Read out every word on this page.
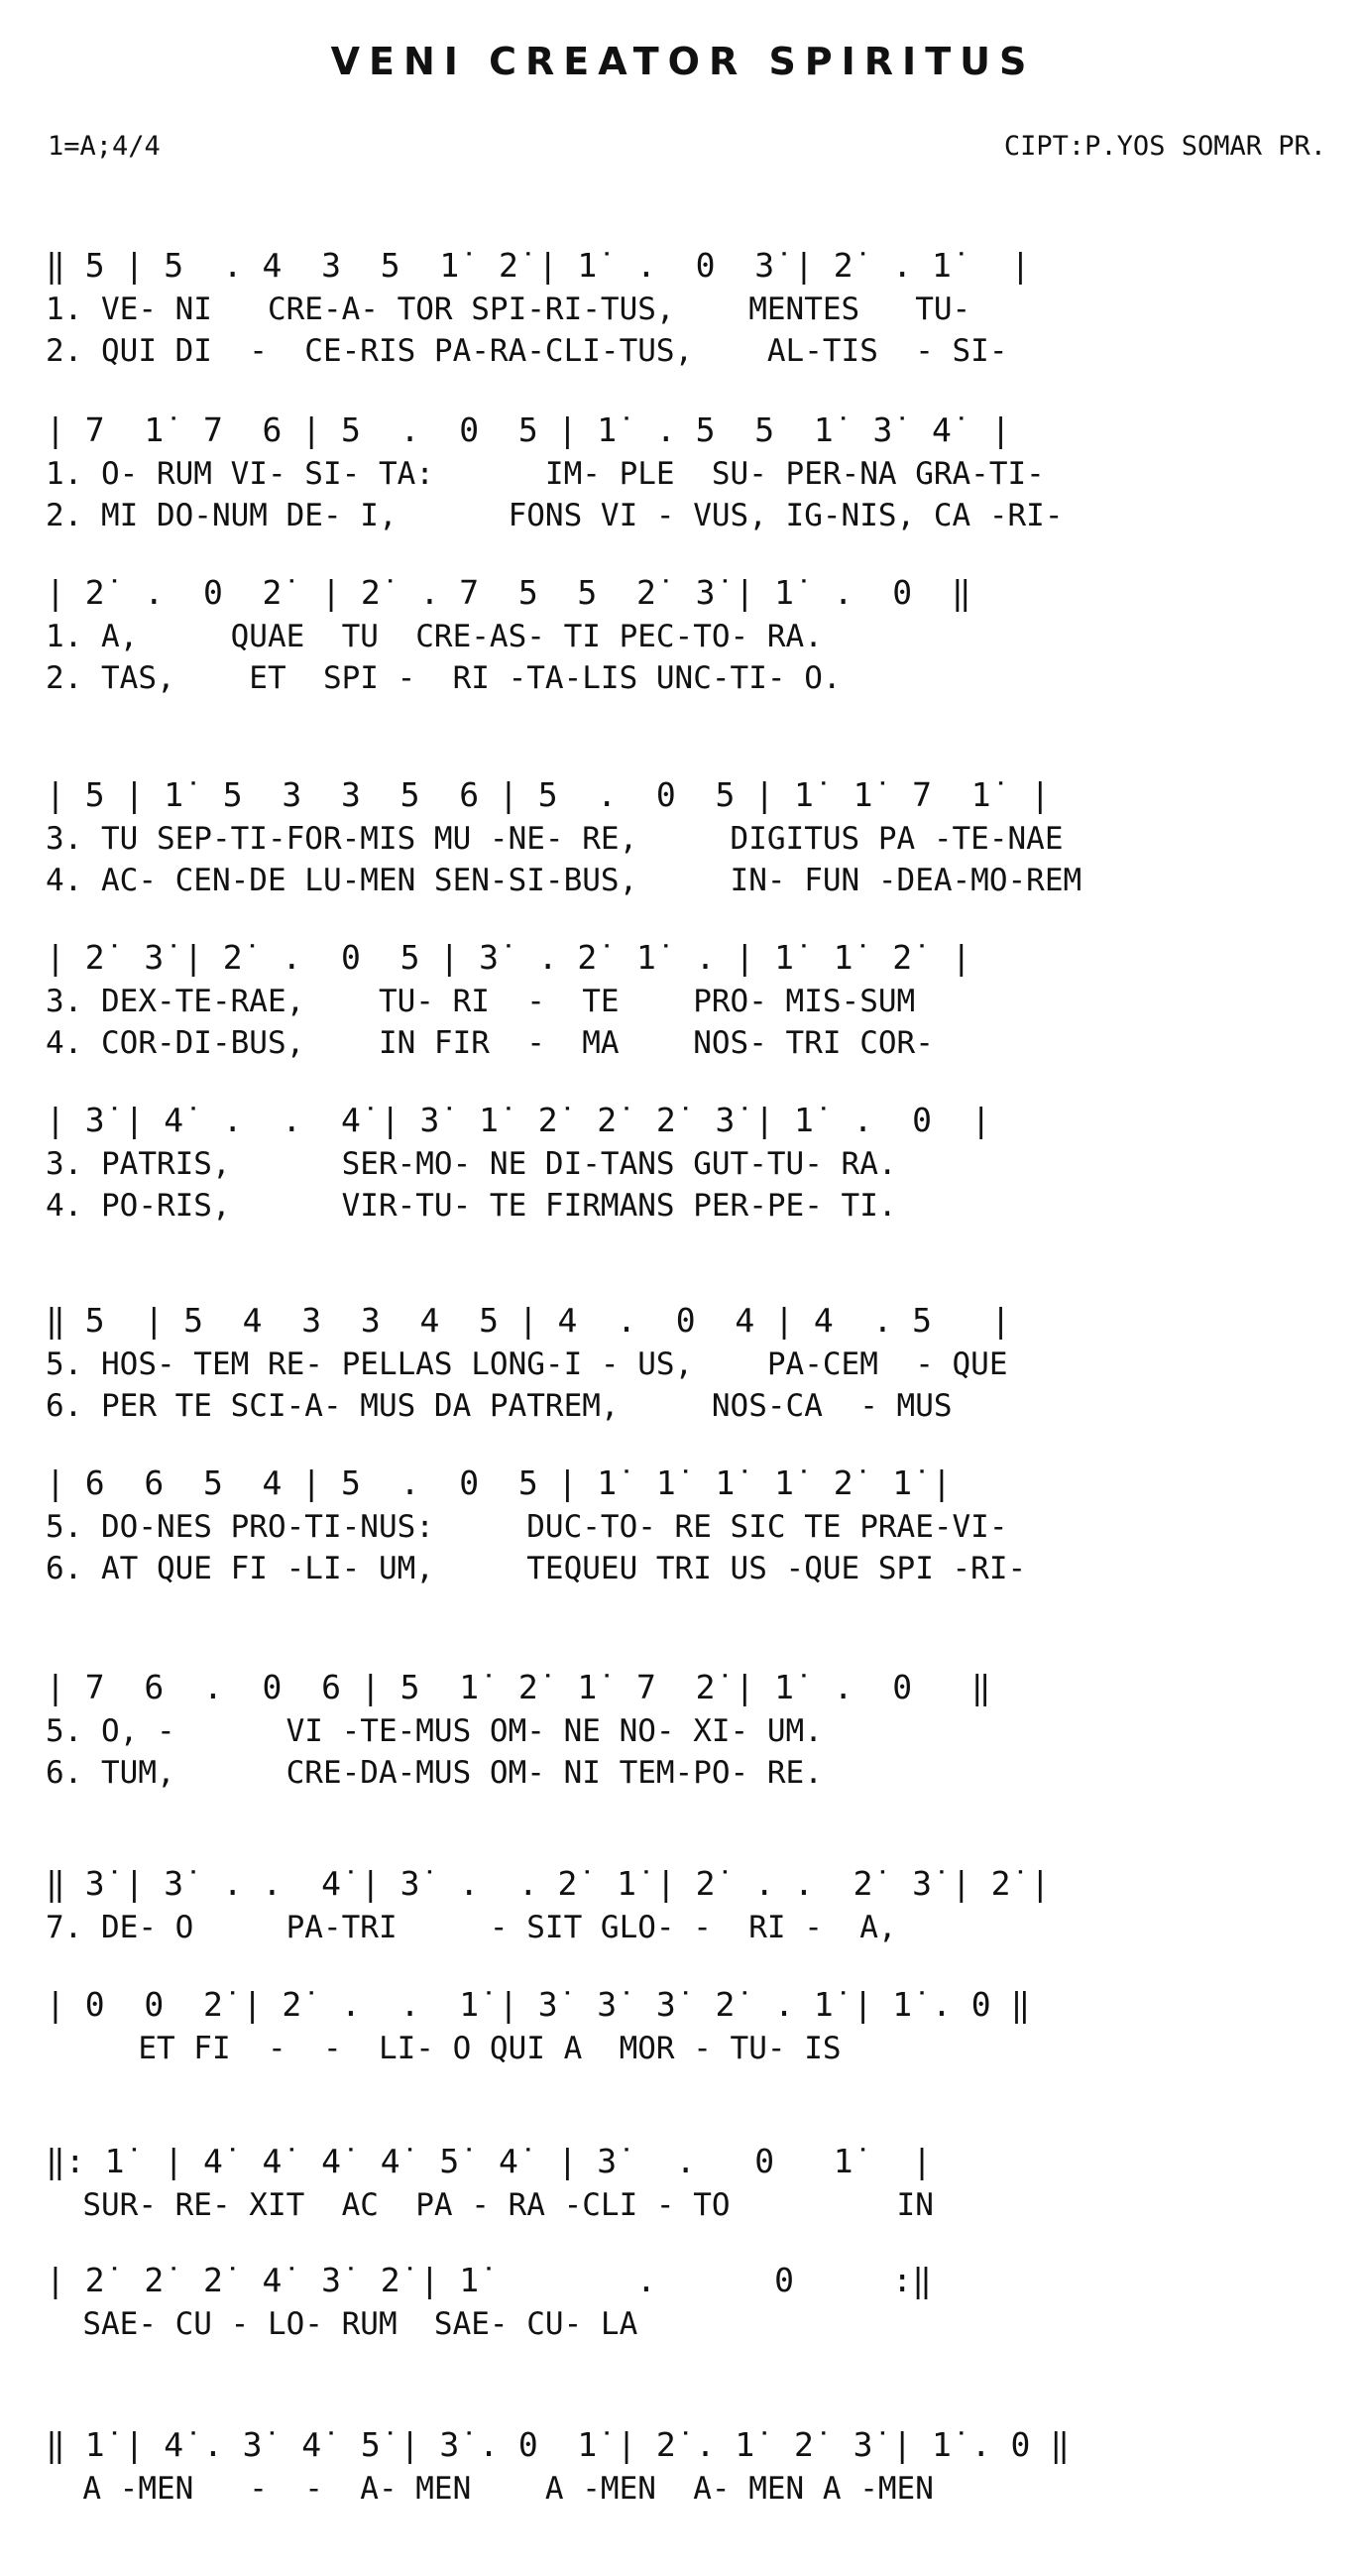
VENI CREATOR SPIRITUS
1=A;4/4	CIPT:P.YOS SOMAR PR.
‖ 5 | 5  . 4  3  5  1̇  2̇ | 1̇  .  0  3̇ | 2̇  . 1̇   |
1. VE- NI   CRE-A- TOR SPI-RI-TUS,    MENTES   TU-
2. QUI DI  -  CE-RIS PA-RA-CLI-TUS,    AL-TIS  - SI-
| 7  1̇  7  6 | 5  .  0  5 | 1̇  . 5  5  1̇  3̇  4̇  |
1. O- RUM VI- SI- TA:      IM- PLE  SU- PER-NA GRA-TI-
2. MI DO-NUM DE- I,      FONS VI - VUS, IG-NIS, CA -RI-
| 2̇  .  0  2̇  | 2̇  . 7  5  5  2̇  3̇ | 1̇  .  0  ‖
1. A,     QUAE  TU  CRE-AS- TI PEC-TO- RA.
2. TAS,    ET  SPI -  RI -TA-LIS UNC-TI- O.
| 5 | 1̇  5  3  3  5  6 | 5  .  0  5 | 1̇  1̇  7  1̇  |
3. TU SEP-TI-FOR-MIS MU -NE- RE,     DIGITUS PA -TE-NAE
4. AC- CEN-DE LU-MEN SEN-SI-BUS,     IN- FUN -DEA-MO-REM
| 2̇  3̇ | 2̇  .  0  5 | 3̇  . 2̇  1̇  . | 1̇  1̇  2̇  |
3. DEX-TE-RAE,    TU- RI  -  TE    PRO- MIS-SUM
4. COR-DI-BUS,    IN FIR  -  MA    NOS- TRI COR-
| 3̇ | 4̇  .  .  4̇ | 3̇  1̇  2̇  2̇  2̇  3̇ | 1̇  .  0  |
3. PATRIS,      SER-MO- NE DI-TANS GUT-TU- RA.
4. PO-RIS,      VIR-TU- TE FIRMANS PER-PE- TI.
‖ 5  | 5  4  3  3  4  5 | 4  .  0  4 | 4  . 5   |
5. HOS- TEM RE- PELLAS LONG-I - US,    PA-CEM  - QUE
6. PER TE SCI-A- MUS DA PATREM,     NOS-CA  - MUS
| 6  6  5  4 | 5  .  0  5 | 1̇  1̇  1̇  1̇  2̇  1̇ |
5. DO-NES PRO-TI-NUS:     DUC-TO- RE SIC TE PRAE-VI-
6. AT QUE FI -LI- UM,     TEQUEU TRI US -QUE SPI -RI-
| 7  6  .  0  6 | 5  1̇  2̇  1̇  7  2̇ | 1̇  .  0   ‖
5. O, -      VI -TE-MUS OM- NE NO- XI- UM.
6. TUM,      CRE-DA-MUS OM- NI TEM-PO- RE.
‖ 3̇ | 3̇  . .  4̇ | 3̇  .  . 2̇  1̇ | 2̇  . .  2̇  3̇ | 2̇ |
7. DE- O     PA-TRI     - SIT GLO- -  RI -  A,
| 0  0  2̇ | 2̇  .  .  1̇ | 3̇  3̇  3̇  2̇  . 1̇ | 1̇ . 0 ‖
ET FI  -  -  LI- O QUI A  MOR - TU- IS
‖: 1̇  | 4̇  4̇  4̇  4̇  5̇  4̇  | 3̇   .   0   1̇   |
SUR- RE- XIT  AC  PA - RA -CLI - TO         IN
| 2̇  2̇  2̇  4̇  3̇  2̇ | 1̇        .      0     :‖
SAE- CU - LO- RUM  SAE- CU- LA
‖ 1̇ | 4̇ . 3̇  4̇  5̇ | 3̇ . 0  1̇ | 2̇ . 1̇  2̇  3̇ | 1̇ . 0 ‖
A -MEN   -  -  A- MEN    A -MEN  A- MEN A -MEN
